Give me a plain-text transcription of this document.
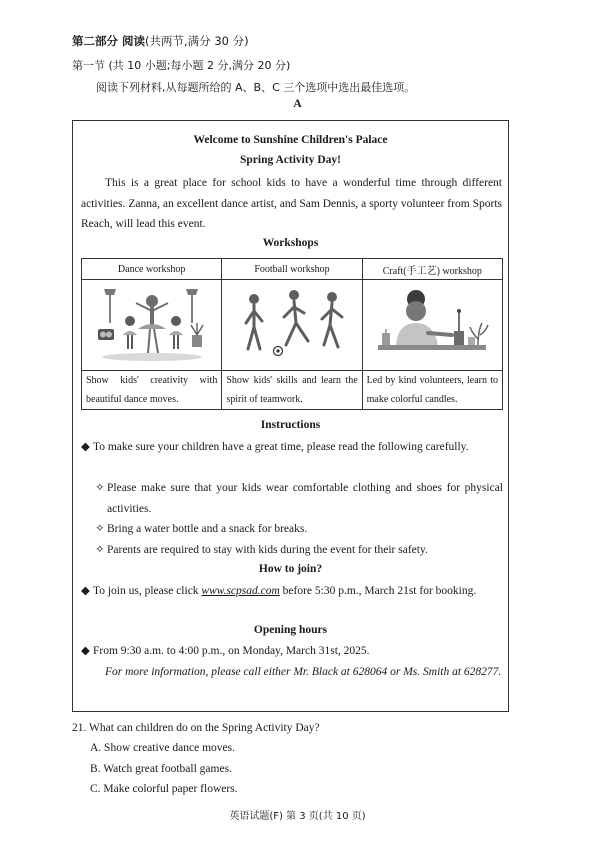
第二部分 阅读(共两节,满分 30 分)
第一节 (共 10 小题;每小题 2 分,满分 20 分)
阅读下列材料,从每题所给的 A、B、C 三个选项中选出最佳选项。
A
Welcome to Sunshine Children's Palace
Spring Activity Day!
This is a great place for school kids to have a wonderful time through different activities. Zanna, an excellent dance artist, and Sam Dennis, a sporty volunteer from Sports Reach, will lead this event.
Workshops
Dance workshop	Football workshop	Craft(手工艺) workshop

Show kids' creativity with beautiful dance moves.	Show kids' skills and learn the spirit of teamwork.	Led by kind volunteers, learn to make colorful candles.
Instructions
◆ To make sure your children have a great time, please read the following carefully.
✧ Please make sure that your kids wear comfortable clothing and shoes for physical activities.
✧ Bring a water bottle and a snack for breaks.
✧ Parents are required to stay with kids during the event for their safety.
How to join?
◆ To join us, please click www.scpsad.com before 5:30 p.m., March 21st for booking.
Opening hours
◆ From 9:30 a.m. to 4:00 p.m., on Monday, March 31st, 2025.
For more information, please call either Mr. Black at 628064 or Ms. Smith at 628277.
21. What can children do on the Spring Activity Day?
A. Show creative dance moves.
B. Watch great football games.
C. Make colorful paper flowers.
英语试题(F) 第 3 页(共 10 页)
